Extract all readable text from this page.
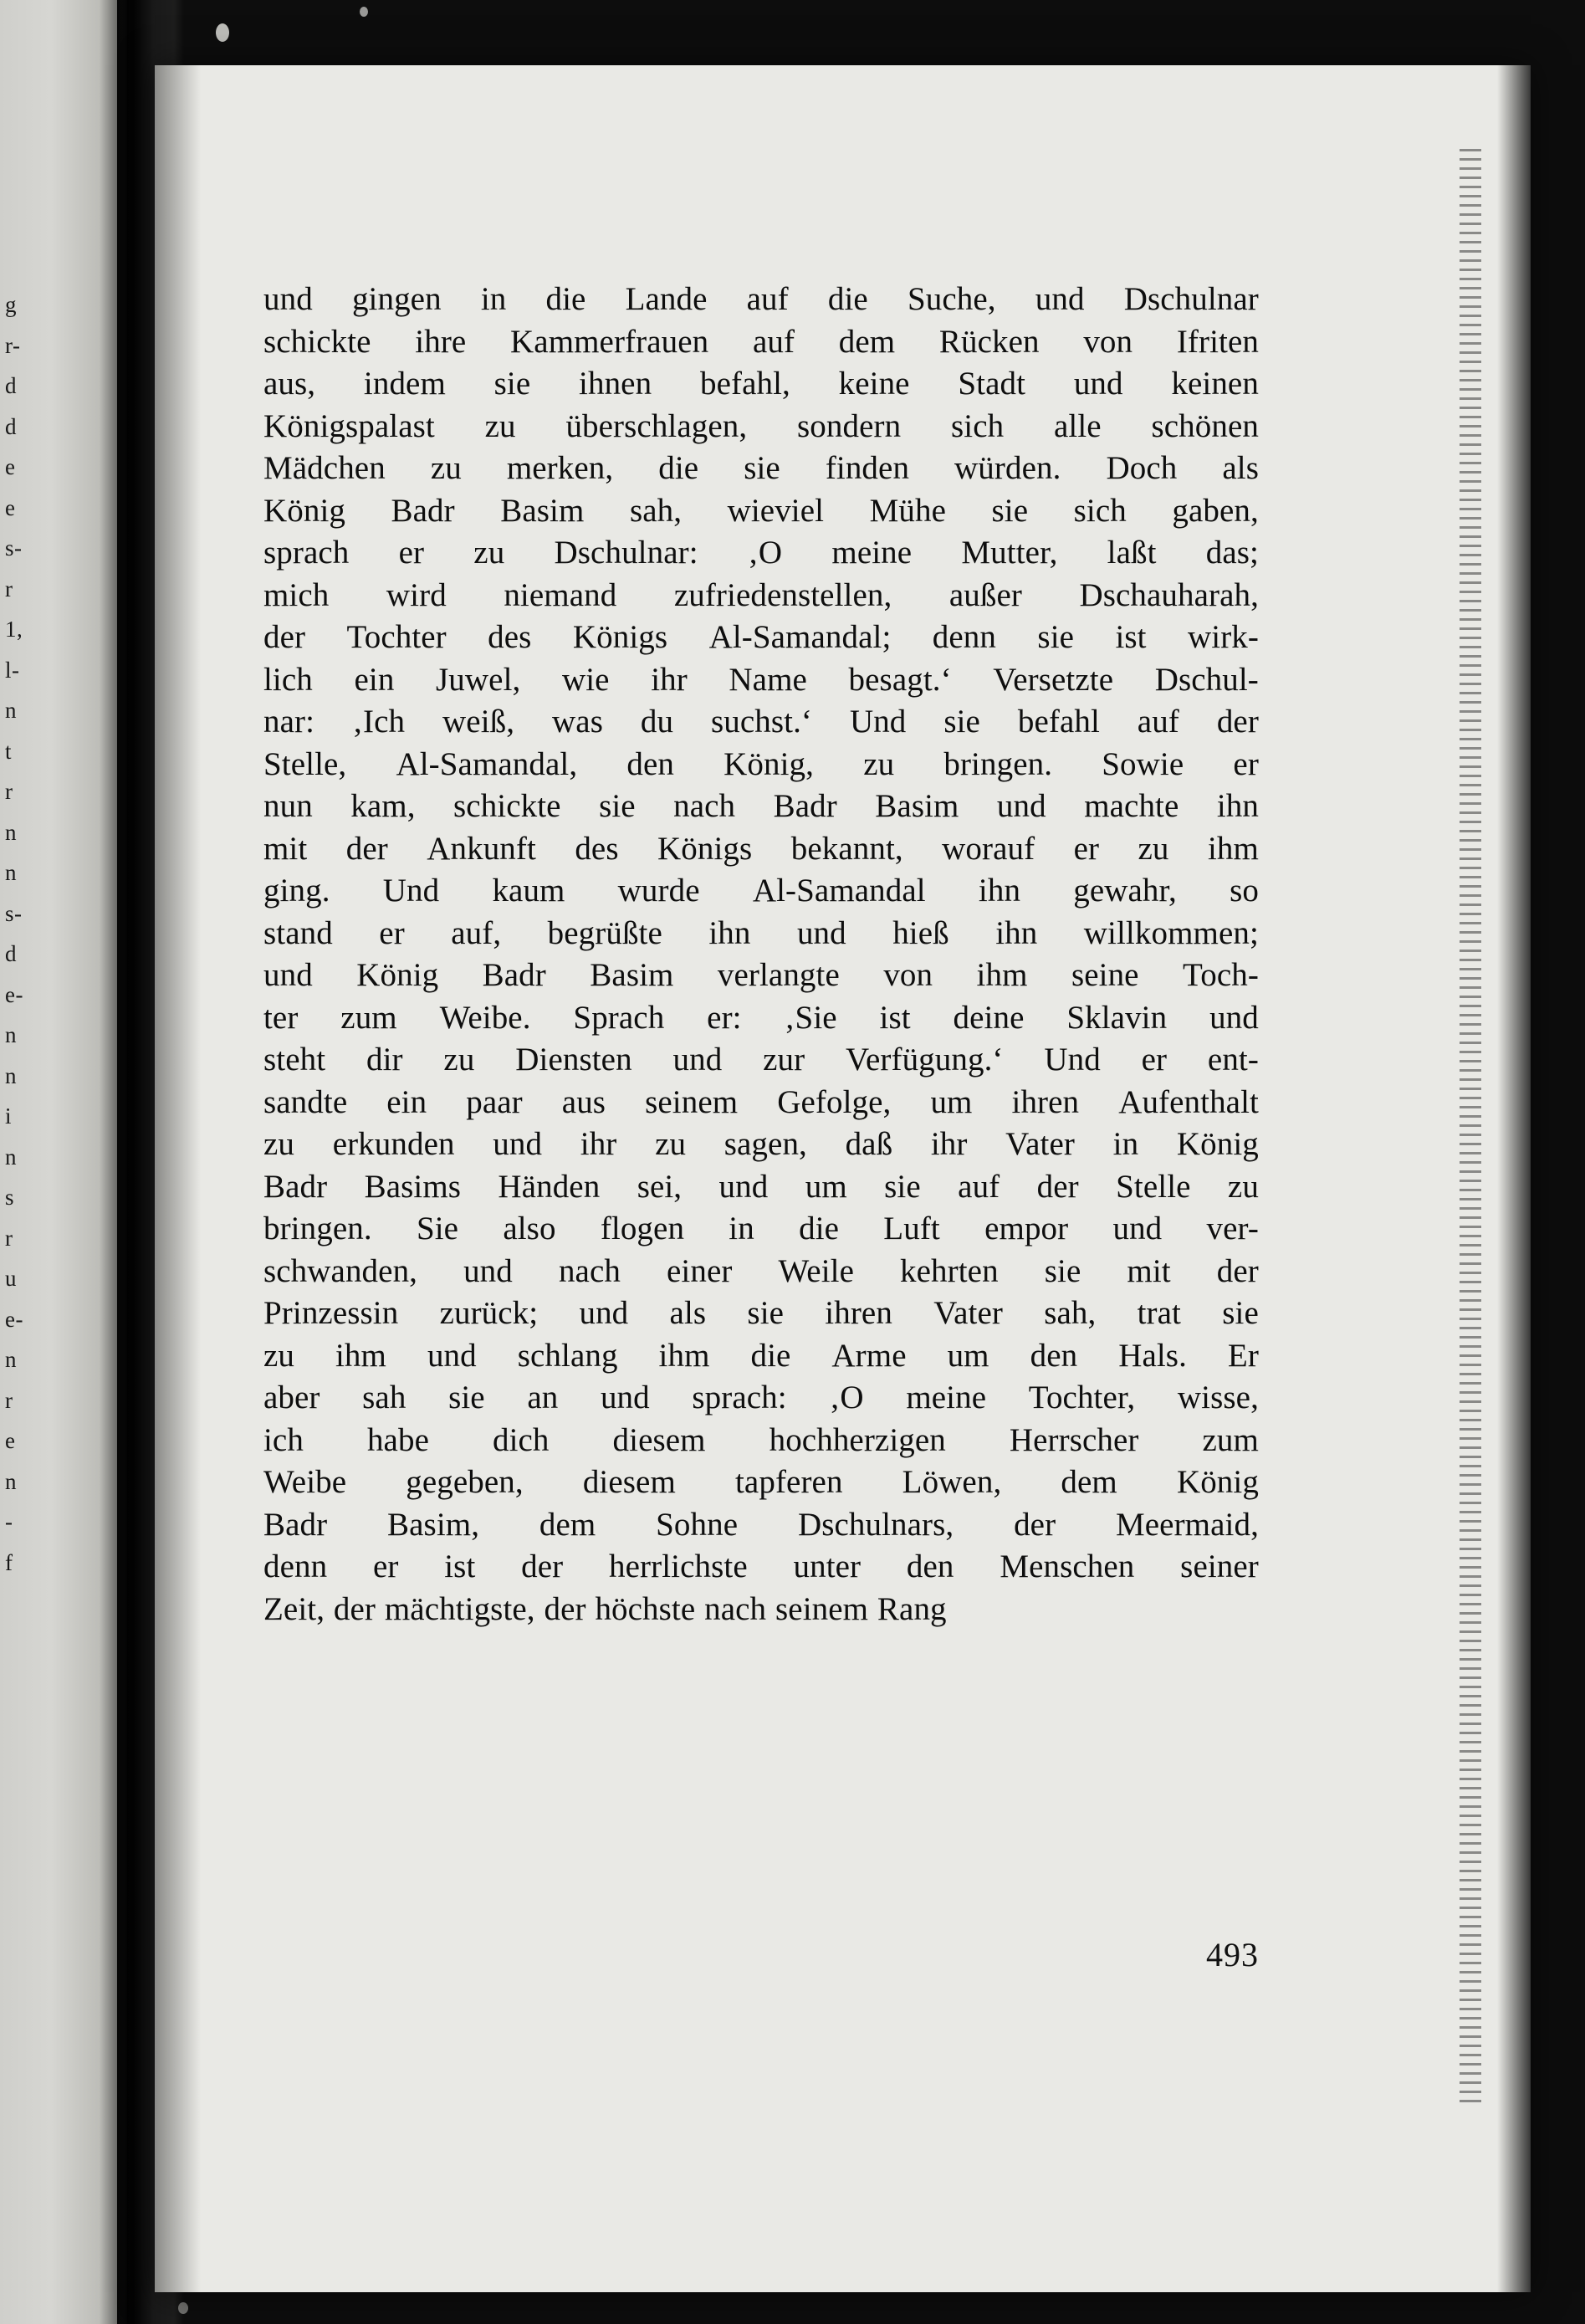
g
r-
d
d
e
e
s-
r
1,
l-
n
t
r
n
n
s-
d
e-
n
n
i
n
s
r
u
e-
n
r
e
n
-
f

und gingen in die Lande auf die Suche, und Dschulnar
schickte ihre Kammerfrauen auf dem Rücken von Ifriten
aus, indem sie ihnen befahl, keine Stadt und keinen
Königspalast zu überschlagen, sondern sich alle schönen
Mädchen zu merken, die sie finden würden. Doch als
König Badr Basim sah, wieviel Mühe sie sich gaben,
sprach er zu Dschulnar: ‚O meine Mutter, laßt das;
mich wird niemand zufriedenstellen, außer Dschauharah,
der Tochter des Königs Al-Samandal; denn sie ist wirk-
lich ein Juwel, wie ihr Name besagt.‘ Versetzte Dschul-
nar: ‚Ich weiß, was du suchst.‘ Und sie befahl auf der
Stelle, Al-Samandal, den König, zu bringen. Sowie er
nun kam, schickte sie nach Badr Basim und machte ihn
mit der Ankunft des Königs bekannt, worauf er zu ihm
ging. Und kaum wurde Al-Samandal ihn gewahr, so
stand er auf, begrüßte ihn und hieß ihn willkommen;
und König Badr Basim verlangte von ihm seine Toch-
ter zum Weibe. Sprach er: ‚Sie ist deine Sklavin und
steht dir zu Diensten und zur Verfügung.‘ Und er ent-
sandte ein paar aus seinem Gefolge, um ihren Aufenthalt
zu erkunden und ihr zu sagen, daß ihr Vater in König
Badr Basims Händen sei, und um sie auf der Stelle zu
bringen. Sie also flogen in die Luft empor und ver-
schwanden, und nach einer Weile kehrten sie mit der
Prinzessin zurück; und als sie ihren Vater sah, trat sie
zu ihm und schlang ihm die Arme um den Hals. Er
aber sah sie an und sprach: ‚O meine Tochter, wisse,
ich habe dich diesem hochherzigen Herrscher zum
Weibe gegeben, diesem tapferen Löwen, dem König
Badr Basim, dem Sohne Dschulnars, der Meermaid,
denn er ist der herrlichste unter den Menschen seiner
Zeit, der mächtigste, der höchste nach seinem Rang

493
